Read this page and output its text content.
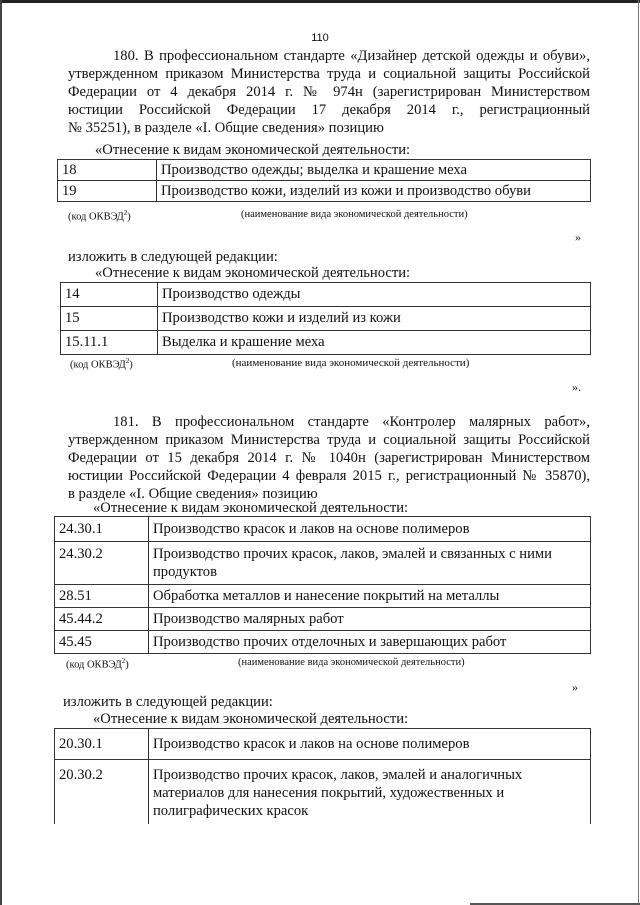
110
180. В профессиональном стандарте «Дизайнер детской одежды и обуви»,
утвержденном приказом Министерства труда и социальной защиты Российской
Федерации от 4 декабря 2014 г. № 974н (зарегистрирован Министерством
юстиции Российской Федерации 17 декабря 2014 г., регистрационный
№ 35251), в разделе «I. Общие сведения» позицию
«Отнесение к видам экономической деятельности:
18	Производство одежды; выделка и крашение меха
19	Производство кожи, изделий из кожи и производство обуви
(код ОКВЭД$^2$)	(наименование вида экономической деятельности)
»
изложить в следующей редакции:
«Отнесение к видам экономической деятельности:
14	Производство одежды
15	Производство кожи и изделий из кожи
15.11.1	Выделка и крашение меха
(код ОКВЭД$^2$)	(наименование вида экономической деятельности)
».
181. В профессиональном стандарте «Контролер малярных работ»,
утвержденном приказом Министерства труда и социальной защиты Российской
Федерации от 15 декабря 2014 г. № 1040н (зарегистрирован Министерством
юстиции Российской Федерации 4 февраля 2015 г., регистрационный № 35870),
в разделе «I. Общие сведения» позицию
«Отнесение к видам экономической деятельности:
24.30.1	Производство красок и лаков на основе полимеров
24.30.2	Производство прочих красок, лаков, эмалей и связанных с ними продуктов
28.51	Обработка металлов и нанесение покрытий на металлы
45.44.2	Производство малярных работ
45.45	Производство прочих отделочных и завершающих работ
(код ОКВЭД$^2$)	(наименование вида экономической деятельности)
»
изложить в следующей редакции:
«Отнесение к видам экономической деятельности:
20.30.1	Производство красок и лаков на основе полимеров
20.30.2	Производство прочих красок, лаков, эмалей и аналогичных материалов для нанесения покрытий, художественных и полиграфических красок
